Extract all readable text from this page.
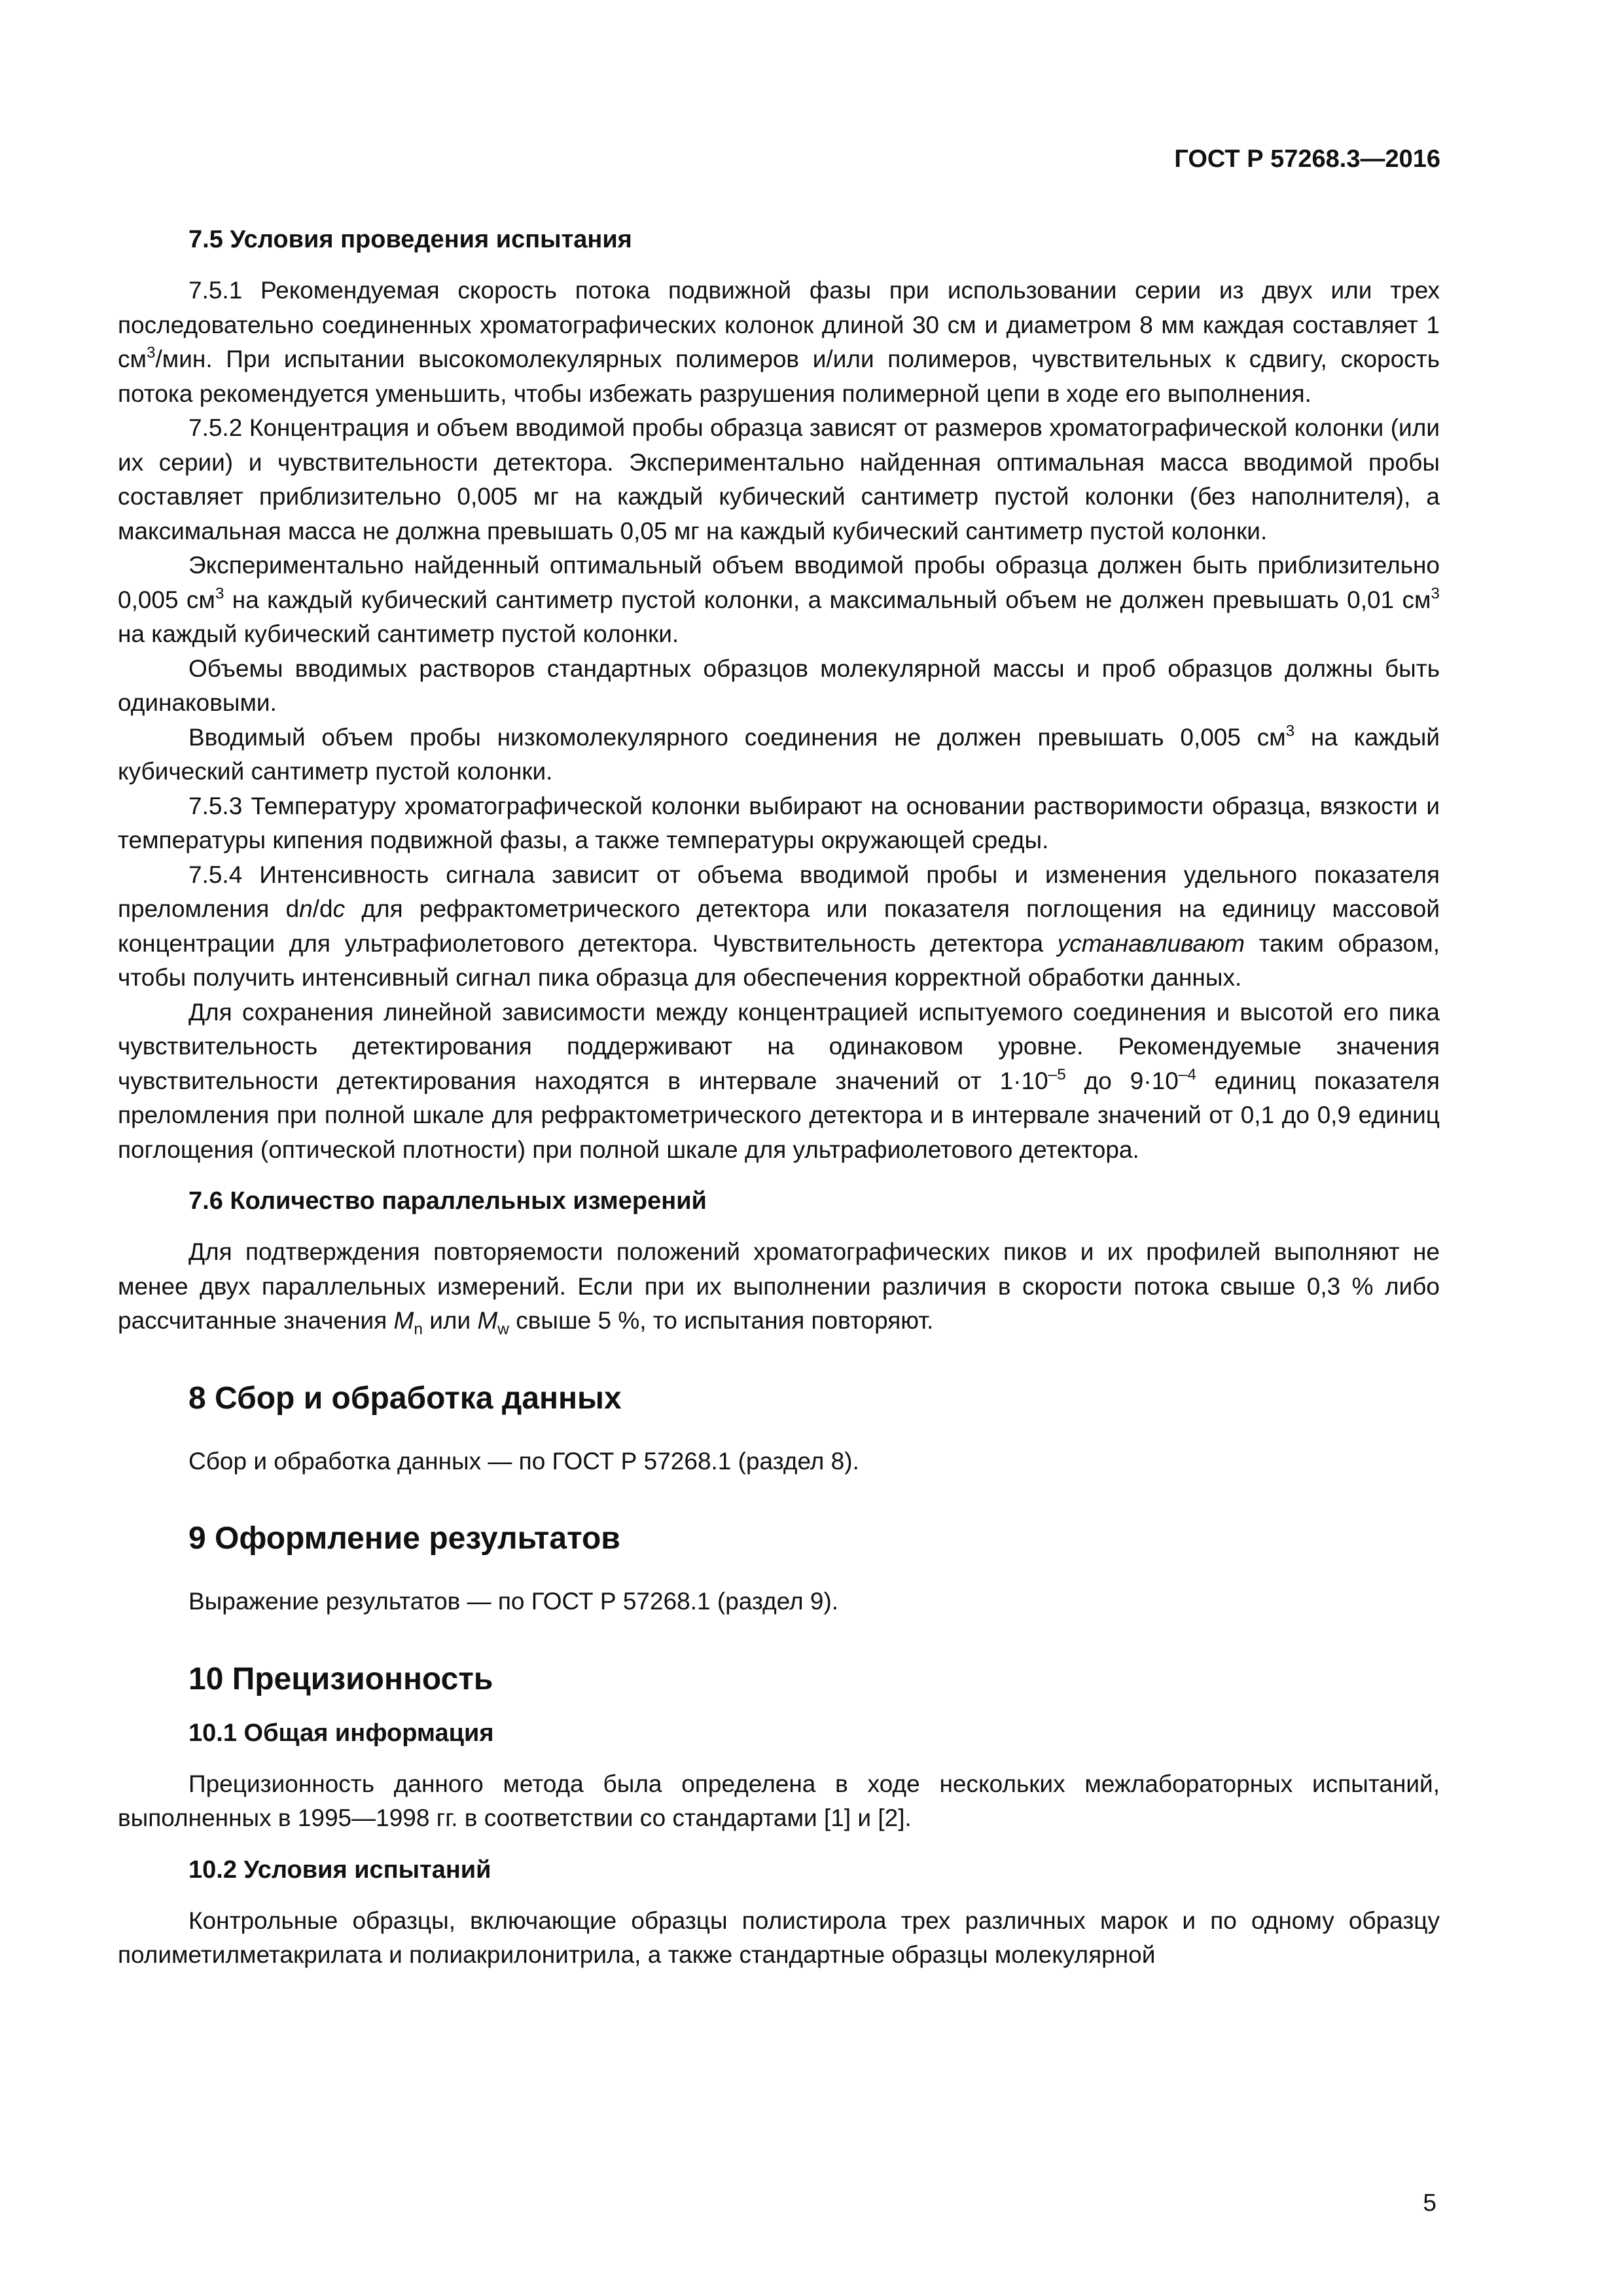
ГОСТ Р 57268.3—2016
7.5 Условия проведения испытания

7.5.1 Рекомендуемая скорость потока подвижной фазы при использовании серии из двух или трех последовательно соединенных хроматографических колонок длиной 30 см и диаметром 8 мм каждая составляет 1 $см^3$/мин. При испытании высокомолекулярных полимеров и/или полимеров, чувствительных к сдвигу, скорость потока рекомендуется уменьшить, чтобы избежать разрушения полимерной цепи в ходе его выполнения.

7.5.2 Концентрация и объем вводимой пробы образца зависят от размеров хроматографической колонки (или их серии) и чувствительности детектора. Экспериментально найденная оптимальная масса вводимой пробы составляет приблизительно 0,005 мг на каждый кубический сантиметр пустой колонки (без наполнителя), а максимальная масса не должна превышать 0,05 мг на каждый кубический сантиметр пустой колонки.

Экспериментально найденный оптимальный объем вводимой пробы образца должен быть приблизительно 0,005 $см^3$ на каждый кубический сантиметр пустой колонки, а максимальный объем не должен превышать 0,01 $см^3$ на каждый кубический сантиметр пустой колонки.

Объемы вводимых растворов стандартных образцов молекулярной массы и проб образцов должны быть одинаковыми.

Вводимый объем пробы низкомолекулярного соединения не должен превышать 0,005 $см^3$ на каждый кубический сантиметр пустой колонки.

7.5.3 Температуру хроматографической колонки выбирают на основании растворимости образца, вязкости и температуры кипения подвижной фазы, а также температуры окружающей среды.

7.5.4 Интенсивность сигнала зависит от объема вводимой пробы и изменения удельного показателя преломления dn/dc для рефрактометрического детектора или показателя поглощения на единицу массовой концентрации для ультрафиолетового детектора. Чувствительность детектора устанавливают таким образом, чтобы получить интенсивный сигнал пика образца для обеспечения корректной обработки данных.

Для сохранения линейной зависимости между концентрацией испытуемого соединения и высотой его пика чувствительность детектирования поддерживают на одинаковом уровне. Рекомендуемые значения чувствительности детектирования находятся в интервале значений от $1\cdot 10^{-5}$ до $9\cdot 10^{-4}$ единиц показателя преломления при полной шкале для рефрактометрического детектора и в интервале значений от 0,1 до 0,9 единиц поглощения (оптической плотности) при полной шкале для ультрафиолетового детектора.

7.6 Количество параллельных измерений

Для подтверждения повторяемости положений хроматографических пиков и их профилей выполняют не менее двух параллельных измерений. Если при их выполнении различия в скорости потока свыше 0,3 % либо рассчитанные значения $M_n$ или $M_w$ свыше 5 %, то испытания повторяют.

8 Сбор и обработка данных

Сбор и обработка данных — по ГОСТ Р 57268.1 (раздел 8).

9 Оформление результатов

Выражение результатов — по ГОСТ Р 57268.1 (раздел 9).

10 Прецизионность
10.1 Общая информация

Прецизионность данного метода была определена в ходе нескольких межлабораторных испытаний, выполненных в 1995—1998 гг. в соответствии со стандартами [1] и [2].

10.2 Условия испытаний

Контрольные образцы, включающие образцы полистирола трех различных марок и по одному образцу полиметилметакрилата и полиакрилонитрила, а также стандартные образцы молекулярной

5
